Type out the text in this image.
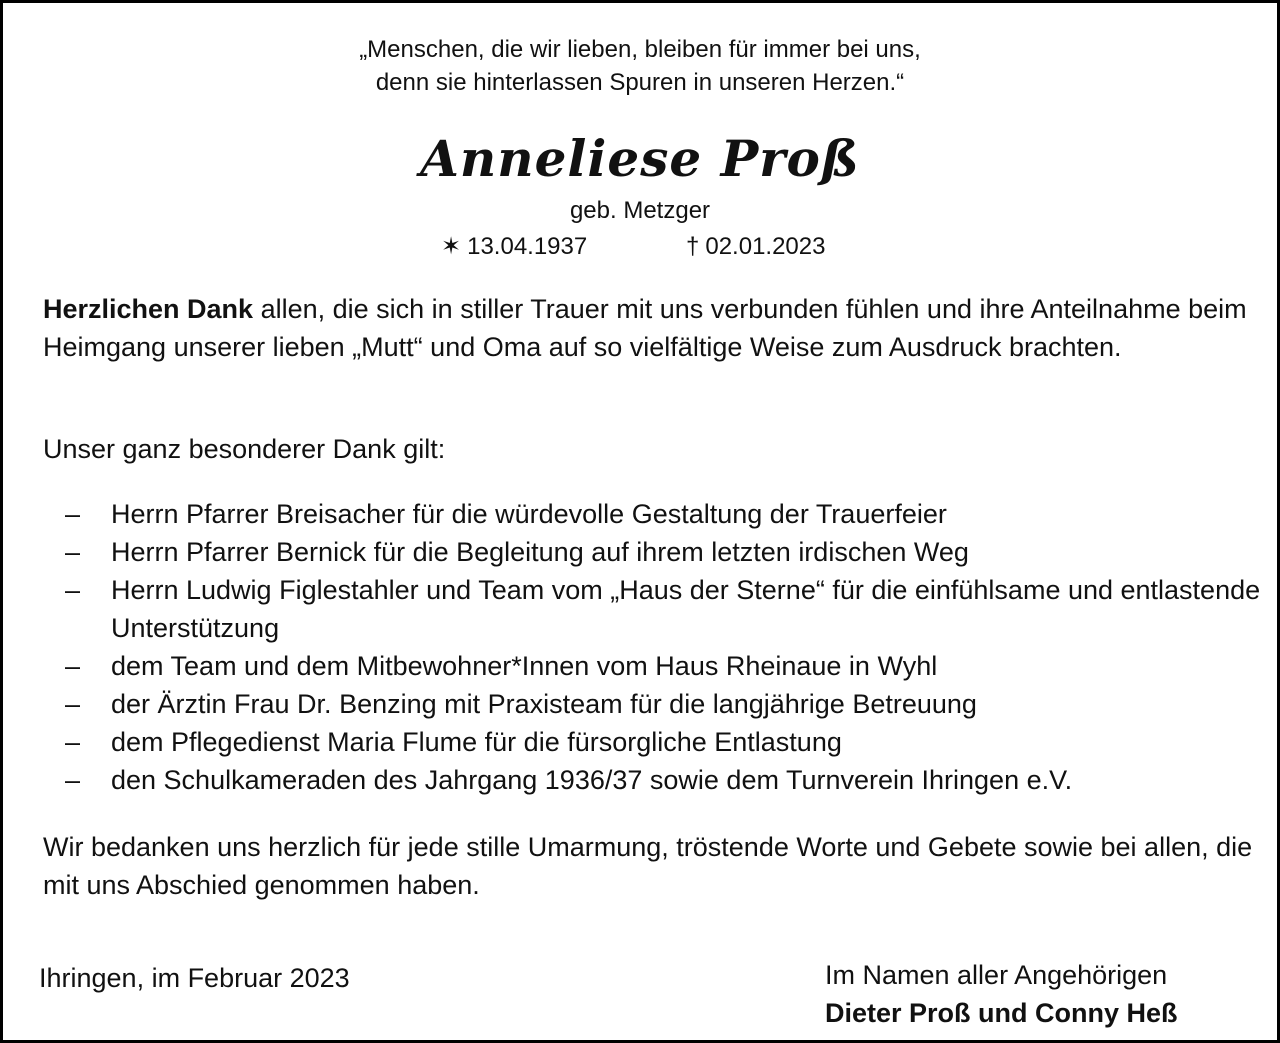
„Menschen, die wir lieben, bleiben für immer bei uns,
denn sie hinterlassen Spuren in unseren Herzen.“
Anneliese Proß
geb. Metzger
✶ 13.04.1937	† 02.01.2023

Herzlichen Dank allen, die sich in stiller Trauer mit uns verbunden fühlen und ihre Anteilnahme beim Heimgang unserer lieben „Mutt“ und Oma auf so vielfältige Weise zum Ausdruck brachten.

Unser ganz besonderer Dank gilt:

– Herrn Pfarrer Breisacher für die würdevolle Gestaltung der Trauerfeier
– Herrn Pfarrer Bernick für die Begleitung auf ihrem letzten irdischen Weg
– Herrn Ludwig Figlestahler und Team vom „Haus der Sterne“ für die einfühlsame und entlastende Unterstützung
– dem Team und dem Mitbewohner*Innen vom Haus Rheinaue in Wyhl
– der Ärztin Frau Dr. Benzing mit Praxisteam für die langjährige Betreuung
– dem Pflegedienst Maria Flume für die fürsorgliche Entlastung
– den Schulkameraden des Jahrgang 1936/37 sowie dem Turnverein Ihringen e.V.

Wir bedanken uns herzlich für jede stille Umarmung, tröstende Worte und Gebete sowie bei allen, die mit uns Abschied genommen haben.

Ihringen, im Februar 2023	Im Namen aller Angehörigen
Dieter Proß und Conny Heß
